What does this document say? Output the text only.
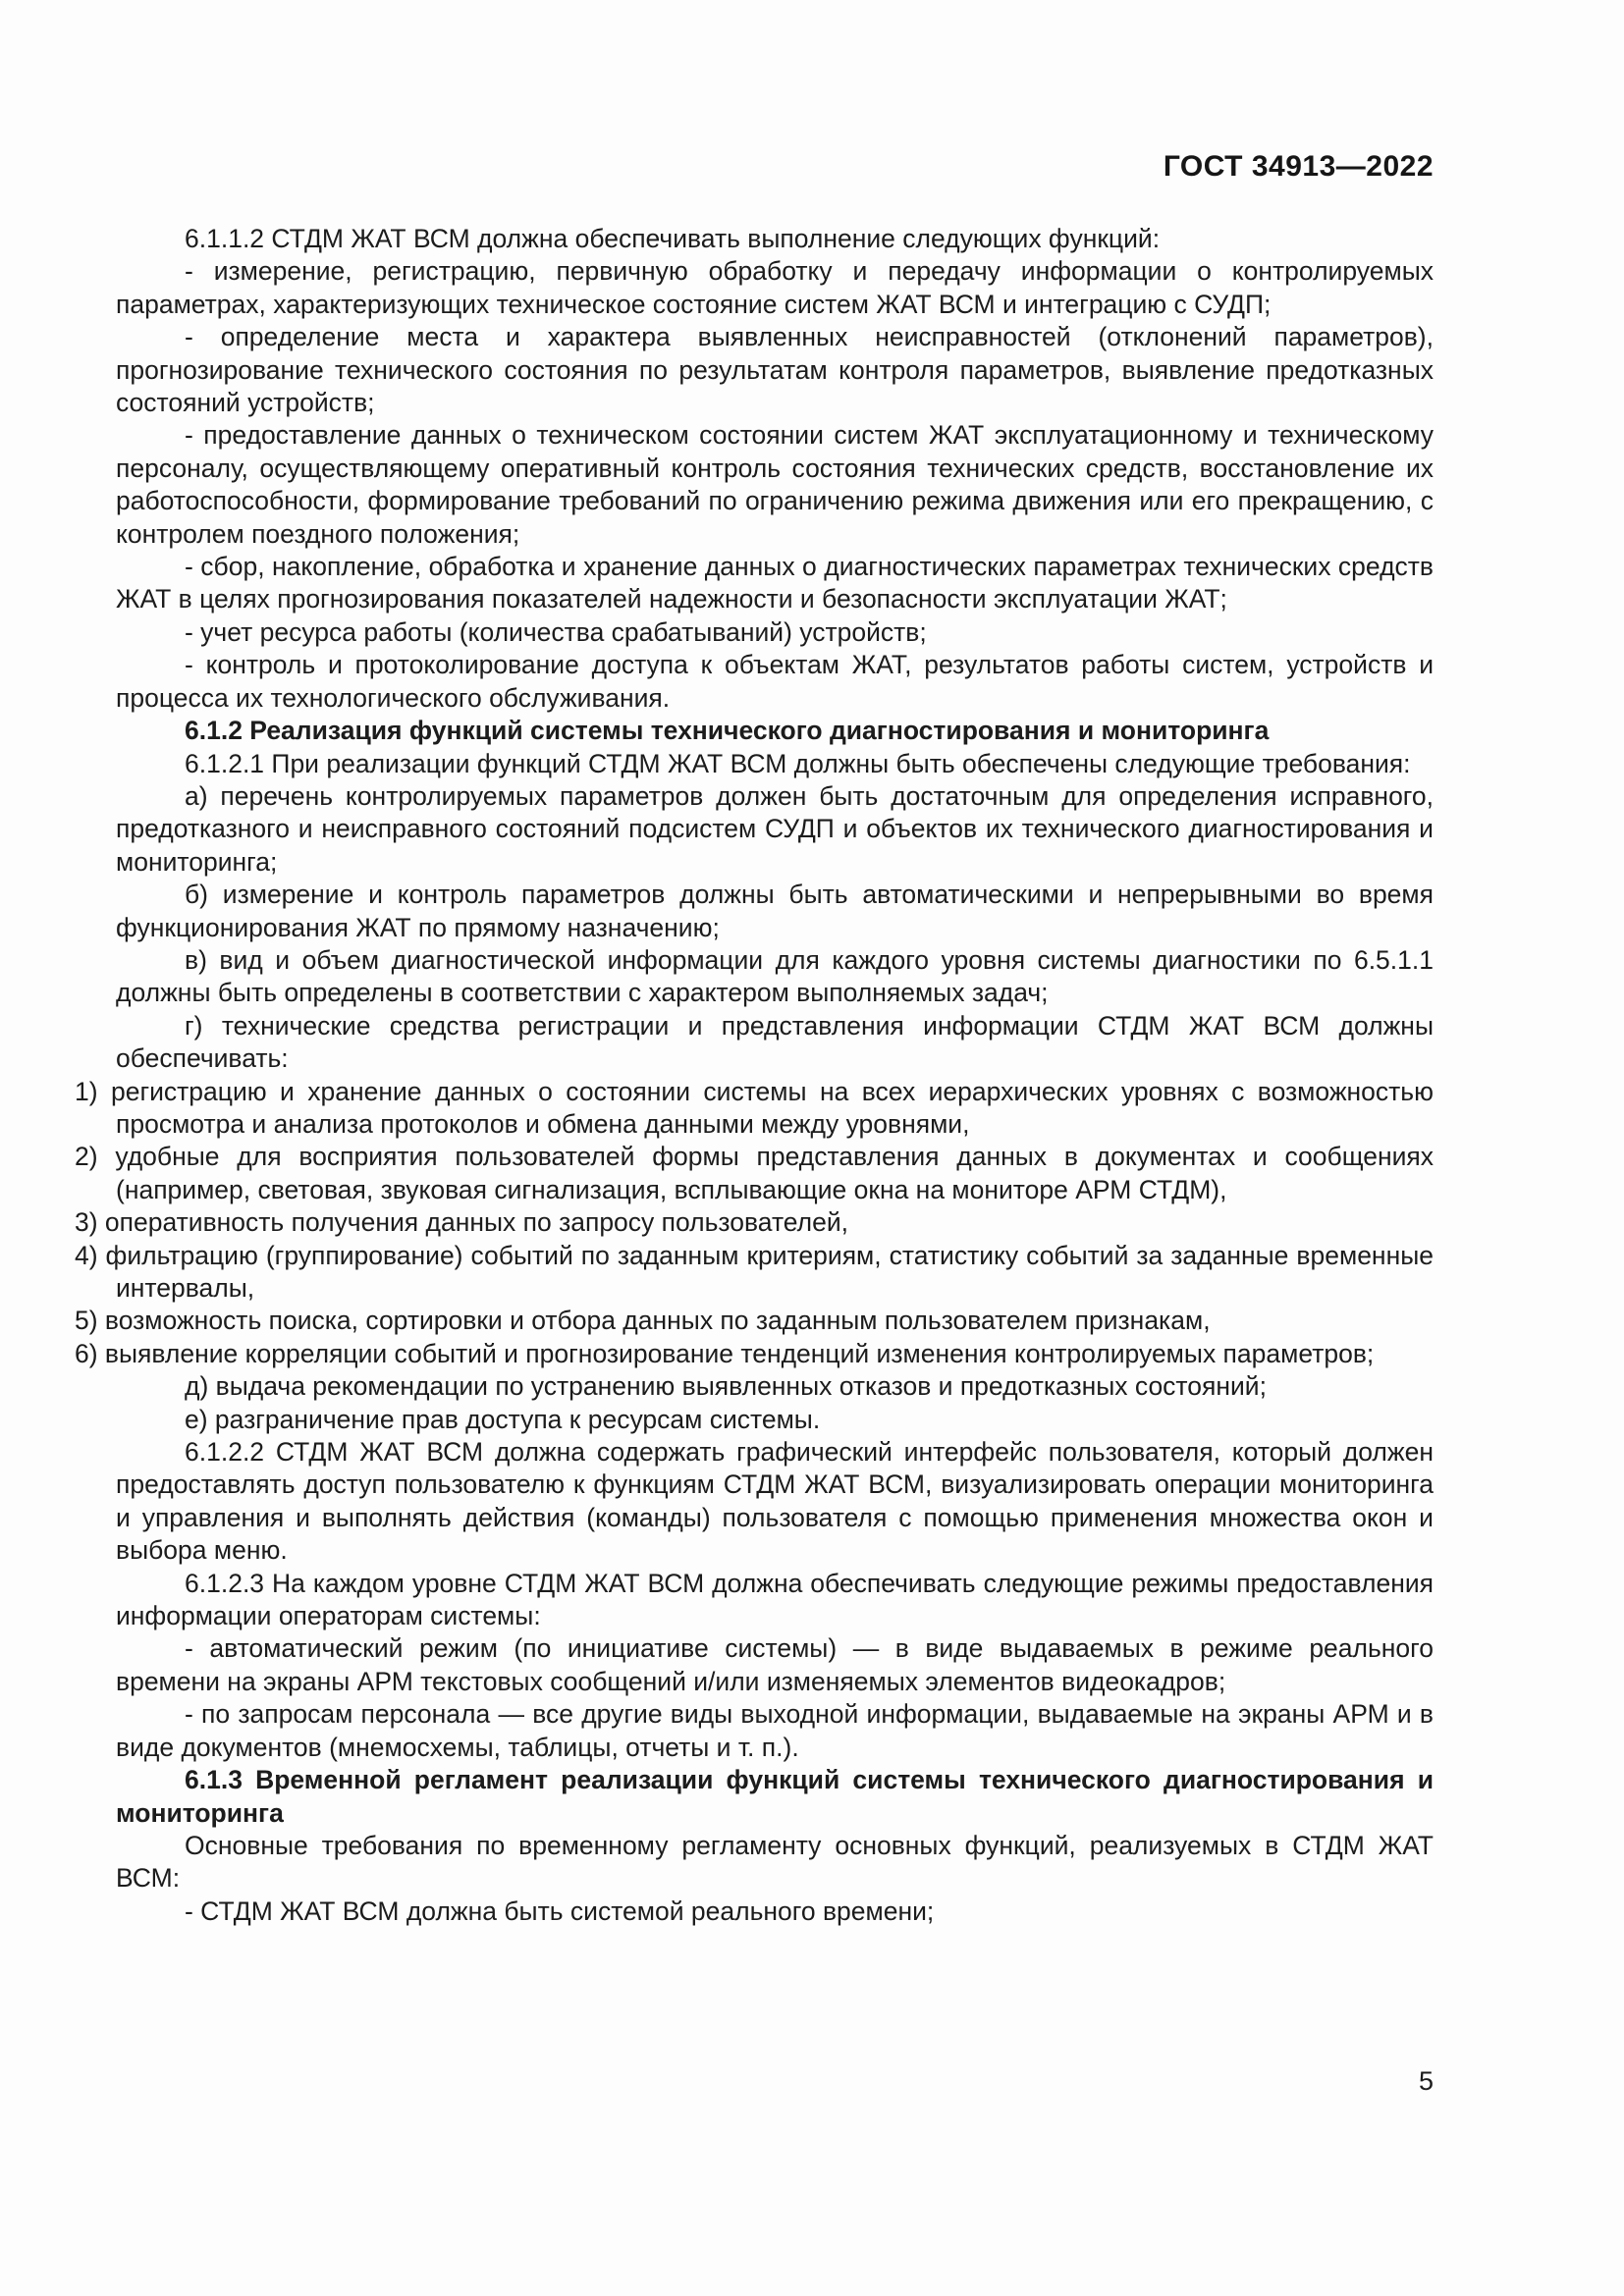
ГОСТ 34913—2022

6.1.1.2 СТДМ ЖАТ ВСМ должна обеспечивать выполнение следующих функций:

- измерение, регистрацию, первичную обработку и передачу информации о контролируемых параметрах, характеризующих техническое состояние систем ЖАТ ВСМ и интеграцию с СУДП;

- определение места и характера выявленных неисправностей (отклонений параметров), прогнозирование технического состояния по результатам контроля параметров, выявление предотказных состояний устройств;

- предоставление данных о техническом состоянии систем ЖАТ эксплуатационному и техническому персоналу, осуществляющему оперативный контроль состояния технических средств, восстановление их работоспособности, формирование требований по ограничению режима движения или его прекращению, с контролем поездного положения;

- сбор, накопление, обработка и хранение данных о диагностических параметрах технических средств ЖАТ в целях прогнозирования показателей надежности и безопасности эксплуатации ЖАТ;

- учет ресурса работы (количества срабатываний) устройств;

- контроль и протоколирование доступа к объектам ЖАТ, результатов работы систем, устройств и процесса их технологического обслуживания.

6.1.2 Реализация функций системы технического диагностирования и мониторинга

6.1.2.1 При реализации функций СТДМ ЖАТ ВСМ должны быть обеспечены следующие требования:

а) перечень контролируемых параметров должен быть достаточным для определения исправного, предотказного и неисправного состояний подсистем СУДП и объектов их технического диагностирования и мониторинга;

б) измерение и контроль параметров должны быть автоматическими и непрерывными во время функционирования ЖАТ по прямому назначению;

в) вид и объем диагностической информации для каждого уровня системы диагностики по 6.5.1.1 должны быть определены в соответствии с характером выполняемых задач;

г) технические средства регистрации и представления информации СТДМ ЖАТ ВСМ должны обеспечивать:

1) регистрацию и хранение данных о состоянии системы на всех иерархических уровнях с возможностью просмотра и анализа протоколов и обмена данными между уровнями,

2) удобные для восприятия пользователей формы представления данных в документах и сообщениях (например, световая, звуковая сигнализация, всплывающие окна на мониторе АРМ СТДМ),

3) оперативность получения данных по запросу пользователей,

4) фильтрацию (группирование) событий по заданным критериям, статистику событий за заданные временные интервалы,

5) возможность поиска, сортировки и отбора данных по заданным пользователем признакам,

6) выявление корреляции событий и прогнозирование тенденций изменения контролируемых параметров;

д) выдача рекомендации по устранению выявленных отказов и предотказных состояний;

е) разграничение прав доступа к ресурсам системы.

6.1.2.2 СТДМ ЖАТ ВСМ должна содержать графический интерфейс пользователя, который должен предоставлять доступ пользователю к функциям СТДМ ЖАТ ВСМ, визуализировать операции мониторинга и управления и выполнять действия (команды) пользователя с помощью применения множества окон и выбора меню.

6.1.2.3 На каждом уровне СТДМ ЖАТ ВСМ должна обеспечивать следующие режимы предоставления информации операторам системы:

- автоматический режим (по инициативе системы) — в виде выдаваемых в режиме реального времени на экраны АРМ текстовых сообщений и/или изменяемых элементов видеокадров;

- по запросам персонала — все другие виды выходной информации, выдаваемые на экраны АРМ и в виде документов (мнемосхемы, таблицы, отчеты и т. п.).

6.1.3 Временной регламент реализации функций системы технического диагностирования и мониторинга

Основные требования по временному регламенту основных функций, реализуемых в СТДМ ЖАТ ВСМ:

- СТДМ ЖАТ ВСМ должна быть системой реального времени;

5
